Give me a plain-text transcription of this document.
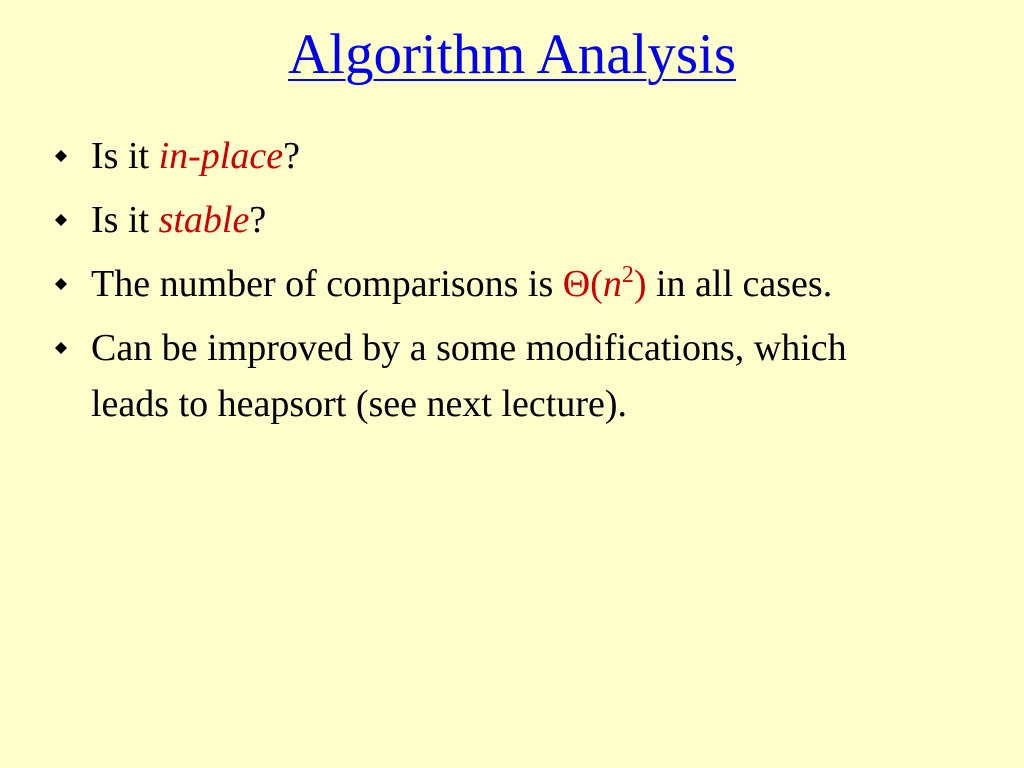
Algorithm Analysis
Is it in-place?
Is it stable?
The number of comparisons is $\Theta(n^2)$ in all cases.
Can be improved by a some modifications, which leads to heapsort (see next lecture).
